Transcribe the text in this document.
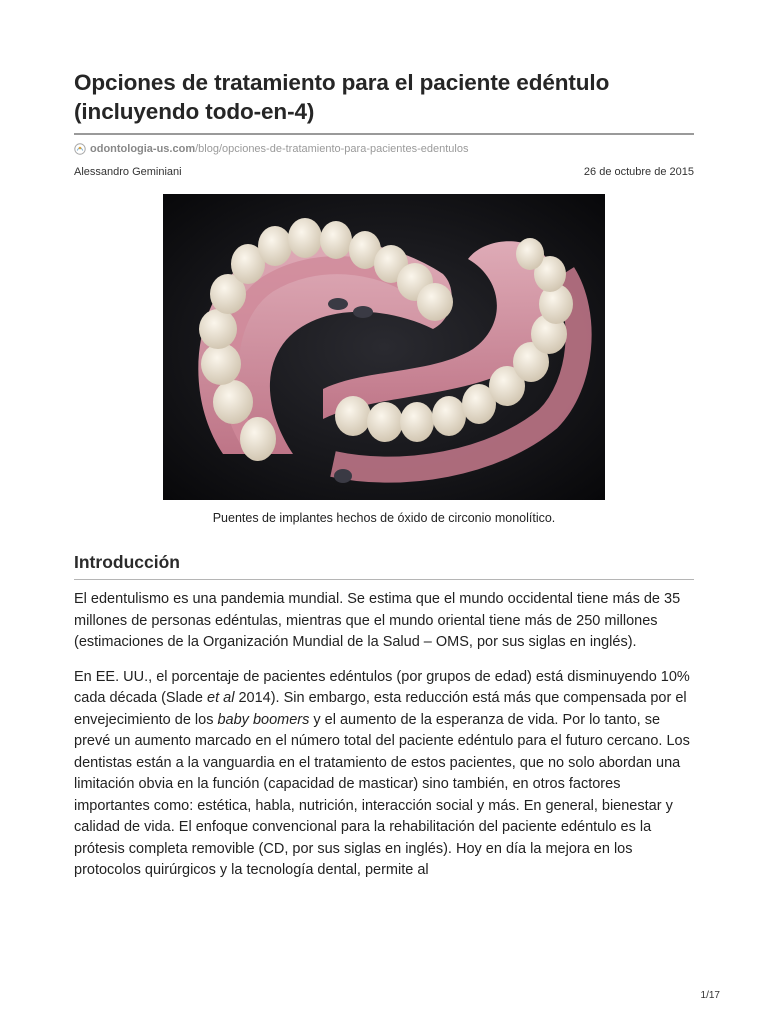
Opciones de tratamiento para el paciente edéntulo
(incluyendo todo-en-4)
odontologia-us.com /blog/opciones-de-tratamiento-para-pacientes-edentulos
Alessandro Geminiani	26 de octubre de 2015
Puentes de implantes hechos de óxido de circonio monolítico.
Introducción

El edentulismo es una pandemia mundial. Se estima que el mundo occidental tiene más de 35 millones de personas edéntulas, mientras que el mundo oriental tiene más de 250 millones (estimaciones de la Organización Mundial de la Salud – OMS, por sus siglas en inglés).

En EE. UU., el porcentaje de pacientes edéntulos (por grupos de edad) está disminuyendo 10% cada década (Slade et al 2014). Sin embargo, esta reducción está más que compensada por el envejecimiento de los baby boomers y el aumento de la esperanza de vida. Por lo tanto, se prevé un aumento marcado en el número total del paciente edéntulo para el futuro cercano. Los dentistas están a la vanguardia en el tratamiento de estos pacientes, que no solo abordan una limitación obvia en la función (capacidad de masticar) sino también, en otros factores importantes como: estética, habla, nutrición, interacción social y más. En general, bienestar y calidad de vida. El enfoque convencional para la rehabilitación del paciente edéntulo es la prótesis completa removible (CD, por sus siglas en inglés). Hoy en día la mejora en los protocolos quirúrgicos y la tecnología dental, permite al

1/17
